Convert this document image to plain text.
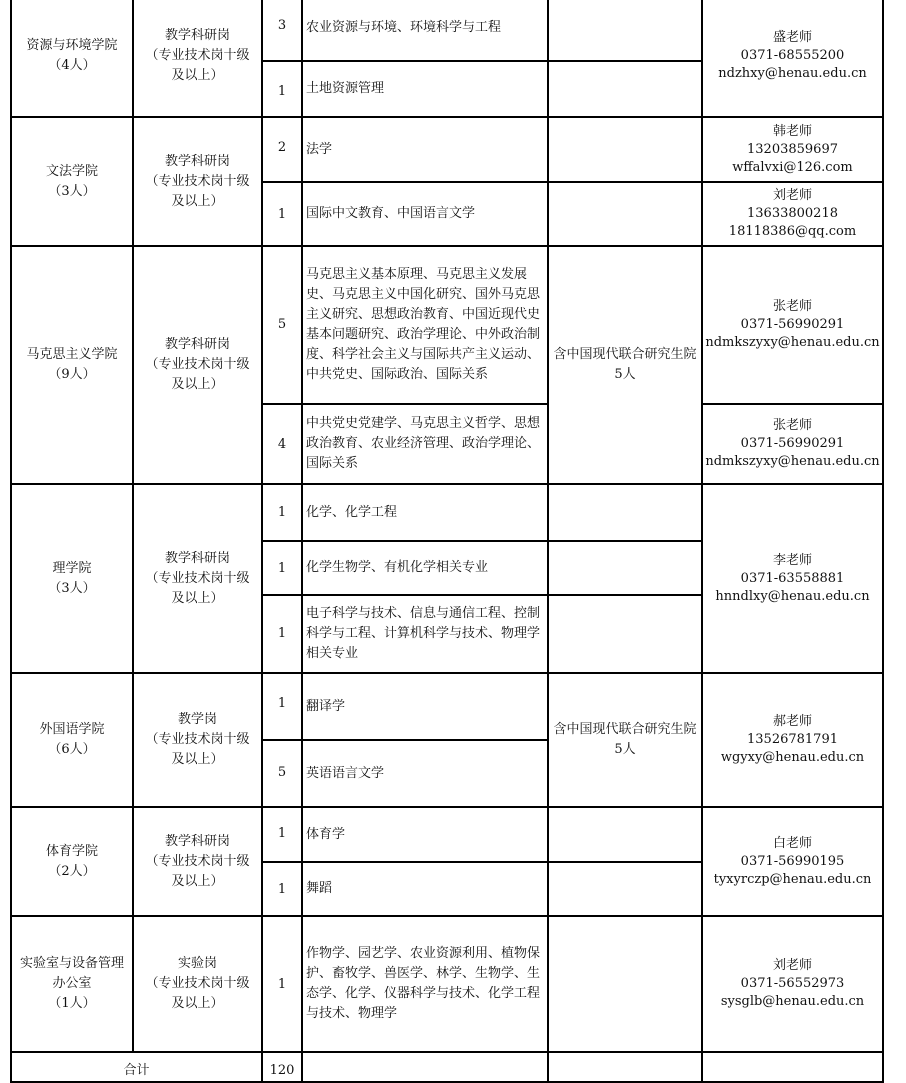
资源与环境学院
（4人）	教学科研岗
（专业技术岗十级
及以上）	3	农业资源与环境、环境科学与工程		盛老师
0371-68555200
ndzhxy@henau.edu.cn

		1	土地资源管理		

文法学院
（3人）	教学科研岗
（专业技术岗十级
及以上）	2	法学		韩老师
13203859697
wffalvxi@126.com

		1	国际中文教育、中国语言文学		刘老师
13633800218
18118386@qq.com

马克思主义学院
（9人）	教学科研岗
（专业技术岗十级
及以上）	5	马克思主义基本原理、马克思主义发展史、马克思主义中国化研究、国外马克思主义研究、思想政治教育、中国近现代史基本问题研究、政治学理论、中外政治制度、科学社会主义与国际共产主义运动、中共党史、国际政治、国际关系	含中国现代联合研究生院5人	张老师
0371-56990291
ndmkszyxy@henau.edu.cn

		4	中共党史党建学、马克思主义哲学、思想政治教育、农业经济管理、政治学理论、国际关系		张老师
0371-56990291
ndmkszyxy@henau.edu.cn

理学院
（3人）	教学科研岗
（专业技术岗十级
及以上）	1	化学、化学工程		李老师
0371-63558881
hnndlxy@henau.edu.cn

		1	化学生物学、有机化学相关专业		
		1	电子科学与技术、信息与通信工程、控制科学与工程、计算机科学与技术、物理学相关专业		

外国语学院
（6人）	教学岗
（专业技术岗十级
及以上）	1	翻译学	含中国现代联合研究生院5人	郝老师
13526781791
wgyxy@henau.edu.cn

		5	英语语言文学		

体育学院
（2人）	教学科研岗
（专业技术岗十级
及以上）	1	体育学		白老师
0371-56990195
tyxyrczp@henau.edu.cn

		1	舞蹈		

实验室与设备管理
办公室
（1人）	实验岗
（专业技术岗十级
及以上）	1	作物学、园艺学、农业资源利用、植物保护、畜牧学、兽医学、林学、生物学、生态学、化学、仪器科学与技术、化学工程与技术、物理学		刘老师
0371-56552973
sysglb@henau.edu.cn

合计		120			
